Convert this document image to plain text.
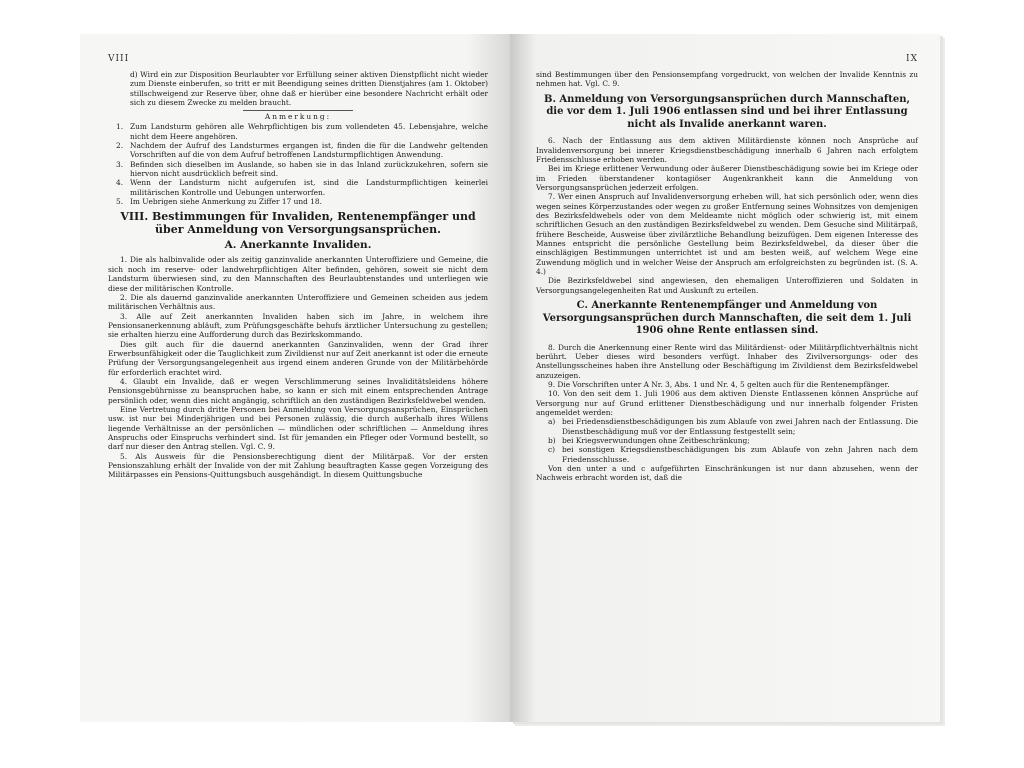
VIII

d) Wird ein zur Disposition Beurlaubter vor Erfüllung seiner aktiven Dienstpflicht nicht wieder zum Dienste einberufen, so tritt er mit Beendigung seines dritten Dienstjahres (am 1. Oktober) stillschweigend zur Reserve über, ohne daß er hierüber eine besondere Nachricht erhält oder sich zu diesem Zwecke zu melden braucht.

Anmerkung:
1. Zum Landsturm gehören alle Wehrpflichtigen bis zum vollendeten 45. Lebensjahre, welche nicht dem Heere angehören.
2. Nachdem der Aufruf des Landsturmes ergangen ist, finden die für die Landwehr geltenden Vorschriften auf die von dem Aufruf betroffenen Landsturmpflichtigen Anwendung.
3. Befinden sich dieselben im Auslande, so haben sie in das Inland zurückzukehren, sofern sie hiervon nicht ausdrücklich befreit sind.
4. Wenn der Landsturm nicht aufgerufen ist, sind die Landsturmpflichtigen keinerlei militärischen Kontrolle und Uebungen unterworfen.
5. Im Uebrigen siehe Anmerkung zu Ziffer 17 und 18.
VIII. Bestimmungen für Invaliden, Rentenempfänger und über Anmeldung von Versorgungsansprüchen.
A. Anerkannte Invaliden.

1. Die als halbinvalide oder als zeitig ganzinvalide anerkannten Unteroffiziere und Gemeine, die sich noch im reserve- oder landwehrpflichtigen Alter befinden, gehören, soweit sie nicht dem Landsturm überwiesen sind, zu den Mannschaften des Beurlaubtenstandes und unterliegen wie diese der militärischen Kontrolle.

2. Die als dauernd ganzinvalide anerkannten Unteroffiziere und Gemeinen scheiden aus jedem militärischen Verhältnis aus.

3. Alle auf Zeit anerkannten Invaliden haben sich im Jahre, in welchem ihre Pensionsanerkennung abläuft, zum Prüfungsgeschäfte behufs ärztlicher Untersuchung zu gestellen; sie erhalten hierzu eine Aufforderung durch das Bezirkskommando.

Dies gilt auch für die dauernd anerkannten Ganzinvaliden, wenn der Grad ihrer Erwerbsunfähigkeit oder die Tauglichkeit zum Zivildienst nur auf Zeit anerkannt ist oder die erneute Prüfung der Versorgungsangelegenheit aus irgend einem anderen Grunde von der Militärbehörde für erforderlich erachtet wird.

4. Glaubt ein Invalide, daß er wegen Verschlimmerung seines Invaliditätsleidens höhere Pensionsgebührnisse zu beanspruchen habe, so kann er sich mit einem entsprechenden Antrage persönlich oder, wenn dies nicht angängig, schriftlich an den zuständigen Bezirksfeldwebel wenden.

Eine Vertretung durch dritte Personen bei Anmeldung von Versorgungsansprüchen, Einsprüchen usw. ist nur bei Minderjährigen und bei Personen zulässig, die durch außerhalb ihres Willens liegende Verhältnisse an der persönlichen — mündlichen oder schriftlichen — Anmeldung ihres Anspruchs oder Einspruchs verhindert sind. Ist für jemanden ein Pfleger oder Vormund bestellt, so darf nur dieser den Antrag stellen. Vgl. C. 9.

5. Als Ausweis für die Pensionsberechtigung dient der Militärpaß. Vor der ersten Pensionszahlung erhält der Invalide von der mit Zahlung beauftragten Kasse gegen Vorzeigung des Militärpasses ein Pensions-Quittungsbuch ausgehändigt. In diesem Quittungsbuche

IX

sind Bestimmungen über den Pensionsempfang vorgedruckt, von welchen der Invalide Kenntnis zu nehmen hat. Vgl. C. 9.

B. Anmeldung von Versorgungsansprüchen durch Mannschaften, die vor dem 1. Juli 1906 entlassen sind und bei ihrer Entlassung nicht als Invalide anerkannt waren.

6. Nach der Entlassung aus dem aktiven Militärdienste können noch Ansprüche auf Invalidenversorgung bei innerer Kriegsdienstbeschädigung innerhalb 6 Jahren nach erfolgtem Friedensschlusse erhoben werden.

Bei im Kriege erlittener Verwundung oder äußerer Dienstbeschädigung sowie bei im Kriege oder im Frieden überstandener kontagiöser Augenkrankheit kann die Anmeldung von Versorgungsansprüchen jederzeit erfolgen.

7. Wer einen Anspruch auf Invalidenversorgung erheben will, hat sich persönlich oder, wenn dies wegen seines Körperzustandes oder wegen zu großer Entfernung seines Wohnsitzes von demjenigen des Bezirksfeldwebels oder von dem Meldeamte nicht möglich oder schwierig ist, mit einem schriftlichen Gesuch an den zuständigen Bezirksfeldwebel zu wenden. Dem Gesuche sind Militärpaß, frühere Bescheide, Ausweise über zivilärztliche Behandlung beizufügen. Dem eigenen Interesse des Mannes entspricht die persönliche Gestellung beim Bezirksfeldwebel, da dieser über die einschlägigen Bestimmungen unterrichtet ist und am besten weiß, auf welchem Wege eine Zuwendung möglich und in welcher Weise der Anspruch am erfolgreichsten zu begründen ist. (S. A. 4.)

Die Bezirksfeldwebel sind angewiesen, den ehemaligen Unteroffizieren und Soldaten in Versorgungsangelegenheiten Rat und Auskunft zu erteilen.

C. Anerkannte Rentenempfänger und Anmeldung von Versorgungsansprüchen durch Mannschaften, die seit dem 1. Juli 1906 ohne Rente entlassen sind.

8. Durch die Anerkennung einer Rente wird das Militärdienst- oder Militärpflichtverhältnis nicht berührt. Ueber dieses wird besonders verfügt. Inhaber des Zivilversorgungs- oder des Anstellungsscheines haben ihre Anstellung oder Beschäftigung im Zivildienst dem Bezirksfeldwebel anzuzeigen.

9. Die Vorschriften unter A Nr. 3, Abs. 1 und Nr. 4, 5 gelten auch für die Rentenempfänger.

10. Von den seit dem 1. Juli 1906 aus dem aktiven Dienste Entlassenen können Ansprüche auf Versorgung nur auf Grund erlittener Dienstbeschädigung und nur innerhalb folgender Fristen angemeldet werden:

a) bei Friedensdienstbeschädigungen bis zum Ablaufe von zwei Jahren nach der Entlassung. Die Dienstbeschädigung muß vor der Entlassung festgestellt sein;
b) bei Kriegsverwundungen ohne Zeitbeschränkung;
c) bei sonstigen Kriegsdienstbeschädigungen bis zum Ablaufe von zehn Jahren nach dem Friedensschlusse.

Von den unter a und c aufgeführten Einschränkungen ist nur dann abzusehen, wenn der Nachweis erbracht worden ist, daß die
